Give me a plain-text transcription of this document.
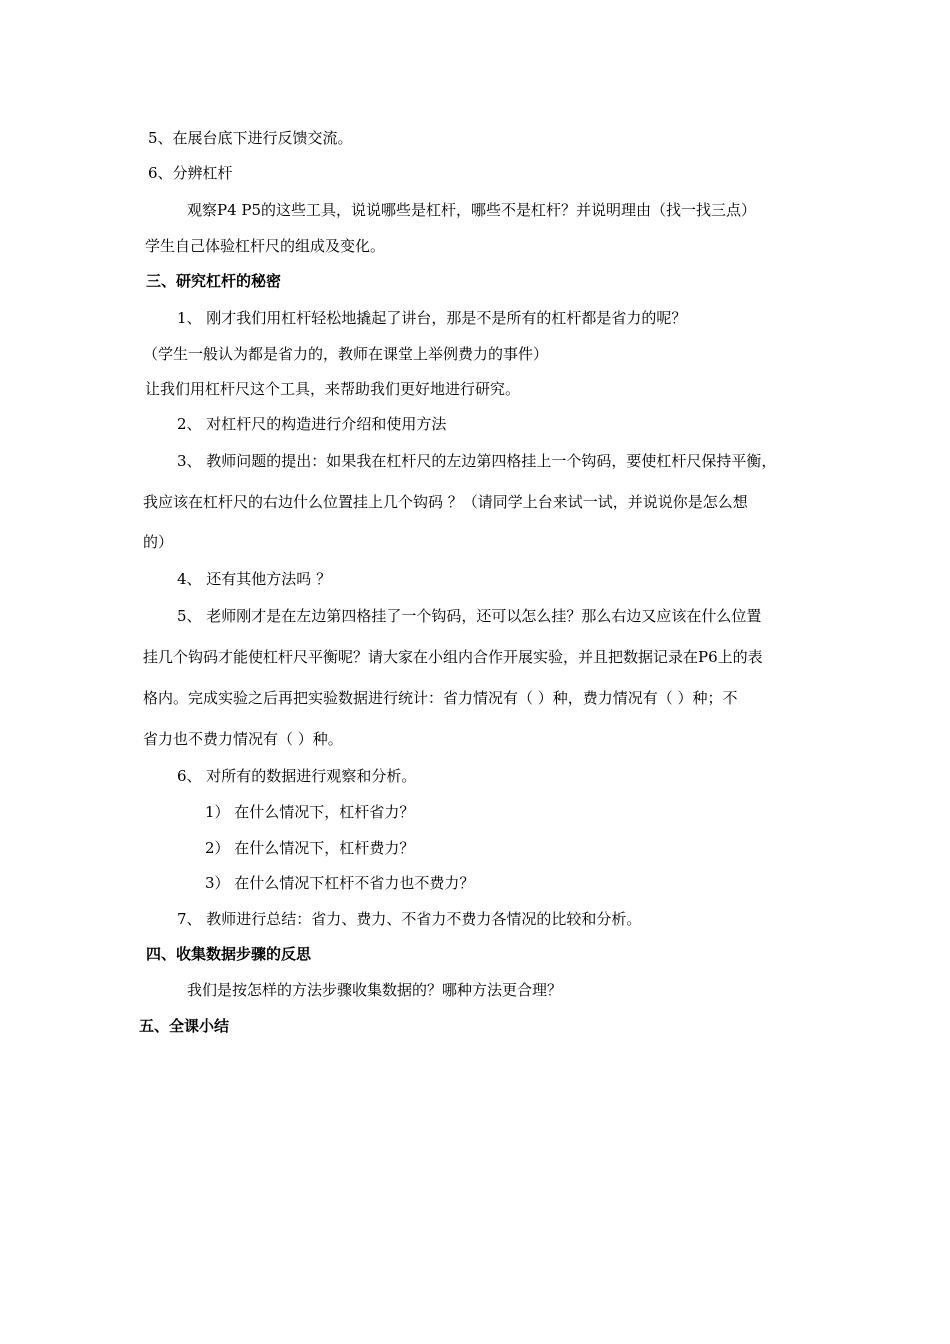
5、在展台底下进行反馈交流。
6、分辨杠杆
观察P4 P5的这些工具，说说哪些是杠杆，哪些不是杠杆？并说明理由（找一找三点）
学生自己体验杠杆尺的组成及变化。
三、研究杠杆的秘密
1、 刚才我们用杠杆轻松地撬起了讲台，那是不是所有的杠杆都是省力的呢？
（学生一般认为都是省力的，教师在课堂上举例费力的事件）
让我们用杠杆尺这个工具，来帮助我们更好地进行研究。
2、 对杠杆尺的构造进行介绍和使用方法
3、 教师问题的提出：如果我在杠杆尺的左边第四格挂上一个钩码，要使杠杆尺保持平衡，
我应该在杠杆尺的右边什么位置挂上几个钩码 ？（请同学上台来试一试，并说说你是怎么想
的）
4、 还有其他方法吗 ？
5、 老师刚才是在左边第四格挂了一个钩码，还可以怎么挂？那么右边又应该在什么位置
挂几个钩码才能使杠杆尺平衡呢？请大家在小组内合作开展实验，并且把数据记录在P6上的表
格内。完成实验之后再把实验数据进行统计：省力情况有（ ）种，费力情况有（ ）种；不
省力也不费力情况有（ ）种。
6、 对所有的数据进行观察和分析。
1） 在什么情况下，杠杆省力？
2） 在什么情况下，杠杆费力？
3） 在什么情况下杠杆不省力也不费力？
7、 教师进行总结：省力、费力、不省力不费力各情况的比较和分析。
四、收集数据步骤的反思
我们是按怎样的方法步骤收集数据的？哪种方法更合理？
五、全课小结
